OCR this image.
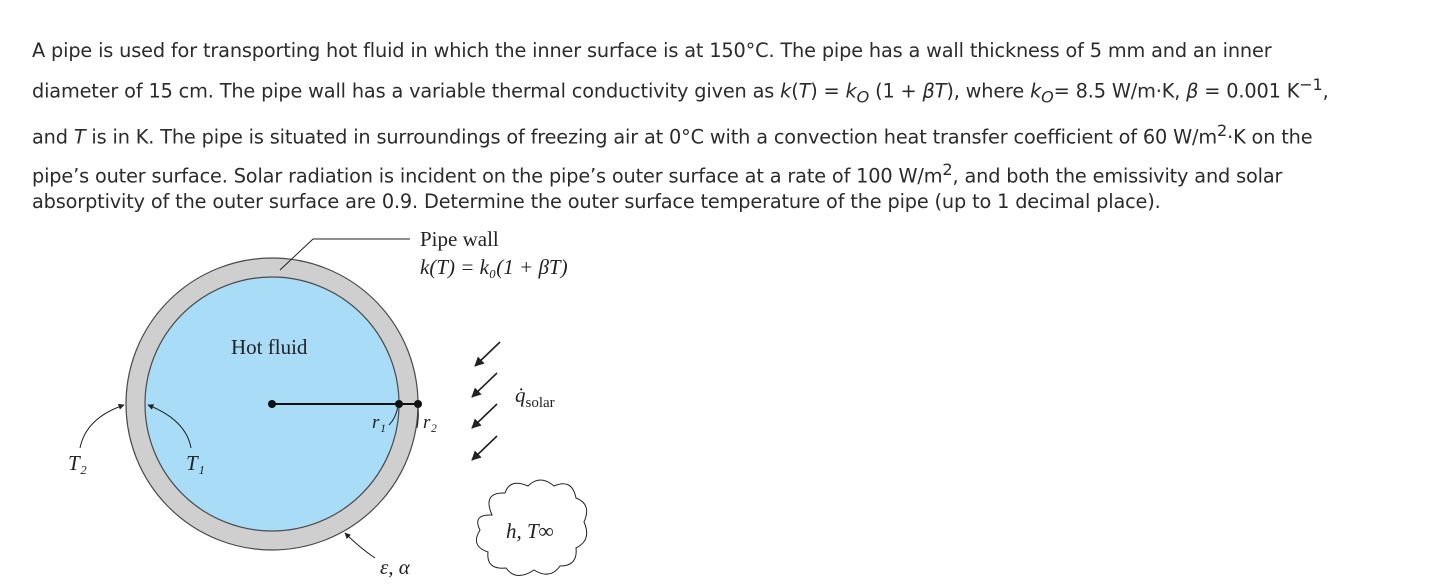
A pipe is used for transporting hot fluid in which the inner surface is at 150°C. The pipe has a wall thickness of 5 mm and an inner

diameter of 15 cm. The pipe wall has a variable thermal conductivity given as $k(T) = k_O$ (1 + βT), where $k_O= 8.5$ W/m·K, β = 0.001 $K^{-1}$,

and T is in K. The pipe is situated in surroundings of freezing air at 0°C with a convection heat transfer coefficient of 60 $W/m^2\cdot K$ on the

pipe’s outer surface. Solar radiation is incident on the pipe’s outer surface at a rate of 100 $W/m^2$, and both the emissivity and solar

absorptivity of the outer surface are 0.9. Determine the outer surface temperature of the pipe (up to 1 decimal place).

r₁ r₂
Pipe wall
k(T) = k₀(1 + βT)
Hot fluid
T₂	T₁
ε, α
$q̇_{solar}$
h, T∞
